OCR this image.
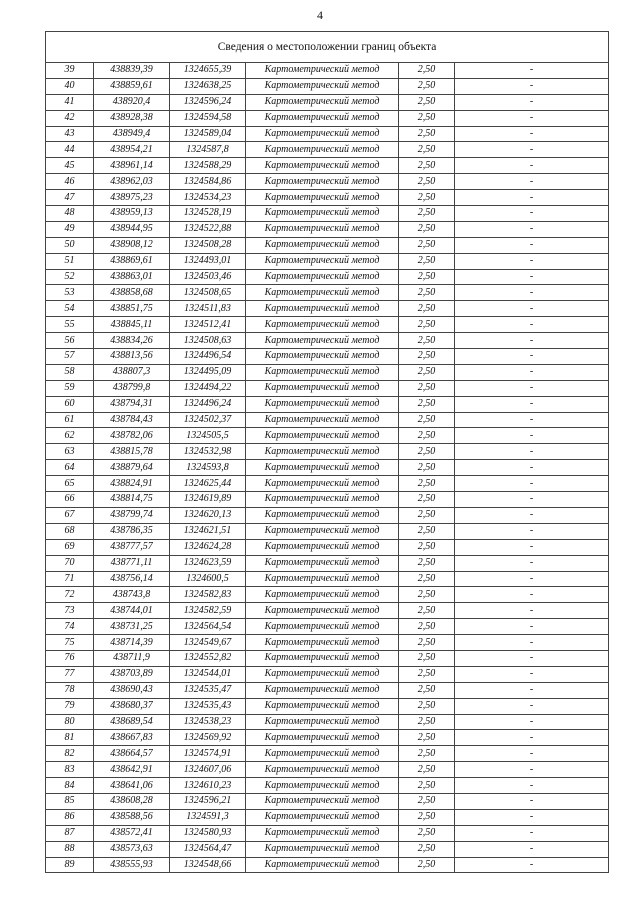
4
Сведения о местоположении границ объекта					
39	438839,39	1324655,39	Картометрический метод	2,50	-
40	438859,61	1324638,25	Картометрический метод	2,50	-
41	438920,4	1324596,24	Картометрический метод	2,50	-
42	438928,38	1324594,58	Картометрический метод	2,50	-
43	438949,4	1324589,04	Картометрический метод	2,50	-
44	438954,21	1324587,8	Картометрический метод	2,50	-
45	438961,14	1324588,29	Картометрический метод	2,50	-
46	438962,03	1324584,86	Картометрический метод	2,50	-
47	438975,23	1324534,23	Картометрический метод	2,50	-
48	438959,13	1324528,19	Картометрический метод	2,50	-
49	438944,95	1324522,88	Картометрический метод	2,50	-
50	438908,12	1324508,28	Картометрический метод	2,50	-
51	438869,61	1324493,01	Картометрический метод	2,50	-
52	438863,01	1324503,46	Картометрический метод	2,50	-
53	438858,68	1324508,65	Картометрический метод	2,50	-
54	438851,75	1324511,83	Картометрический метод	2,50	-
55	438845,11	1324512,41	Картометрический метод	2,50	-
56	438834,26	1324508,63	Картометрический метод	2,50	-
57	438813,56	1324496,54	Картометрический метод	2,50	-
58	438807,3	1324495,09	Картометрический метод	2,50	-
59	438799,8	1324494,22	Картометрический метод	2,50	-
60	438794,31	1324496,24	Картометрический метод	2,50	-
61	438784,43	1324502,37	Картометрический метод	2,50	-
62	438782,06	1324505,5	Картометрический метод	2,50	-
63	438815,78	1324532,98	Картометрический метод	2,50	-
64	438879,64	1324593,8	Картометрический метод	2,50	-
65	438824,91	1324625,44	Картометрический метод	2,50	-
66	438814,75	1324619,89	Картометрический метод	2,50	-
67	438799,74	1324620,13	Картометрический метод	2,50	-
68	438786,35	1324621,51	Картометрический метод	2,50	-
69	438777,57	1324624,28	Картометрический метод	2,50	-
70	438771,11	1324623,59	Картометрический метод	2,50	-
71	438756,14	1324600,5	Картометрический метод	2,50	-
72	438743,8	1324582,83	Картометрический метод	2,50	-
73	438744,01	1324582,59	Картометрический метод	2,50	-
74	438731,25	1324564,54	Картометрический метод	2,50	-
75	438714,39	1324549,67	Картометрический метод	2,50	-
76	438711,9	1324552,82	Картометрический метод	2,50	-
77	438703,89	1324544,01	Картометрический метод	2,50	-
78	438690,43	1324535,47	Картометрический метод	2,50	-
79	438680,37	1324535,43	Картометрический метод	2,50	-
80	438689,54	1324538,23	Картометрический метод	2,50	-
81	438667,83	1324569,92	Картометрический метод	2,50	-
82	438664,57	1324574,91	Картометрический метод	2,50	-
83	438642,91	1324607,06	Картометрический метод	2,50	-
84	438641,06	1324610,23	Картометрический метод	2,50	-
85	438608,28	1324596,21	Картометрический метод	2,50	-
86	438588,56	1324591,3	Картометрический метод	2,50	-
87	438572,41	1324580,93	Картометрический метод	2,50	-
88	438573,63	1324564,47	Картометрический метод	2,50	-
89	438555,93	1324548,66	Картометрический метод	2,50	-
